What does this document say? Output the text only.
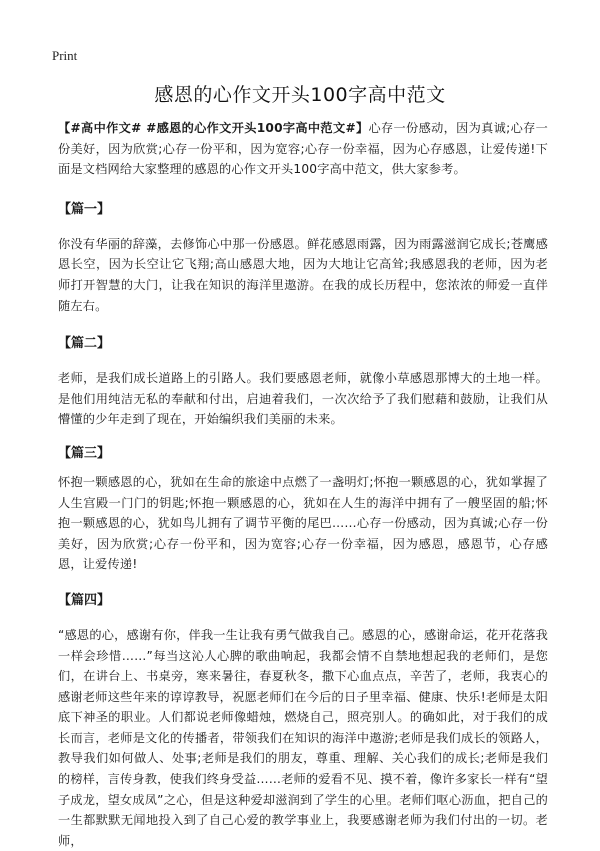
Print
感恩的心作文开头100字高中范文

【#高中作文# #感恩的心作文开头100字高中范文#】心存一份感动，因为真诚;心存一份美好，因为欣赏;心存一份平和，因为宽容;心存一份幸福，因为心存感恩，让爱传递!下面是文档网给大家整理的感恩的心作文开头100字高中范文，供大家参考。

【篇一】

你没有华丽的辞藻，去修饰心中那一份感恩。鲜花感恩雨露，因为雨露滋润它成长;苍鹰感恩长空，因为长空让它飞翔;高山感恩大地，因为大地让它高耸;我感恩我的老师，因为老师打开智慧的大门，让我在知识的海洋里遨游。在我的成长历程中，您浓浓的师爱一直伴随左右。

【篇二】

老师，是我们成长道路上的引路人。我们要感恩老师，就像小草感恩那博大的土地一样。是他们用纯洁无私的奉献和付出，启迪着我们，一次次给予了我们慰藉和鼓励，让我们从懵懂的少年走到了现在，开始编织我们美丽的未来。

【篇三】

怀抱一颗感恩的心，犹如在生命的旅途中点燃了一盏明灯;怀抱一颗感恩的心，犹如掌握了人生宫殿一门门的钥匙;怀抱一颗感恩的心，犹如在人生的海洋中拥有了一艘坚固的船;怀抱一颗感恩的心，犹如鸟儿拥有了调节平衡的尾巴……心存一份感动，因为真诚;心存一份美好，因为欣赏;心存一份平和，因为宽容;心存一份幸福，因为感恩，感恩节，心存感恩，让爱传递!

【篇四】

“感恩的心，感谢有你，伴我一生让我有勇气做我自己。感恩的心，感谢命运，花开花落我一样会珍惜……”每当这沁人心脾的歌曲响起，我都会情不自禁地想起我的老师们，是您们，在讲台上、书桌旁，寒来暑往，春夏秋冬，撒下心血点点，辛苦了，老师，我衷心的感谢老师这些年来的谆谆教导，祝愿老师们在今后的日子里幸福、健康、快乐!老师是太阳底下神圣的职业。人们都说老师像蜡烛，燃烧自己，照亮别人。的确如此，对于我们的成长而言，老师是文化的传播者，带领我们在知识的海洋中遨游;老师是我们成长的领路人，教导我们如何做人、处事;老师是我们的朋友，尊重、理解、关心我们的成长;老师是我们的榜样，言传身教，使我们终身受益……老师的爱看不见、摸不着，像许多家长一样有“望子成龙，望女成凤”之心，但是这种爱却滋润到了学生的心里。老师们呕心沥血，把自己的一生都默默无闻地投入到了自己心爱的教学事业上，我要感谢老师为我们付出的一切。老师，
